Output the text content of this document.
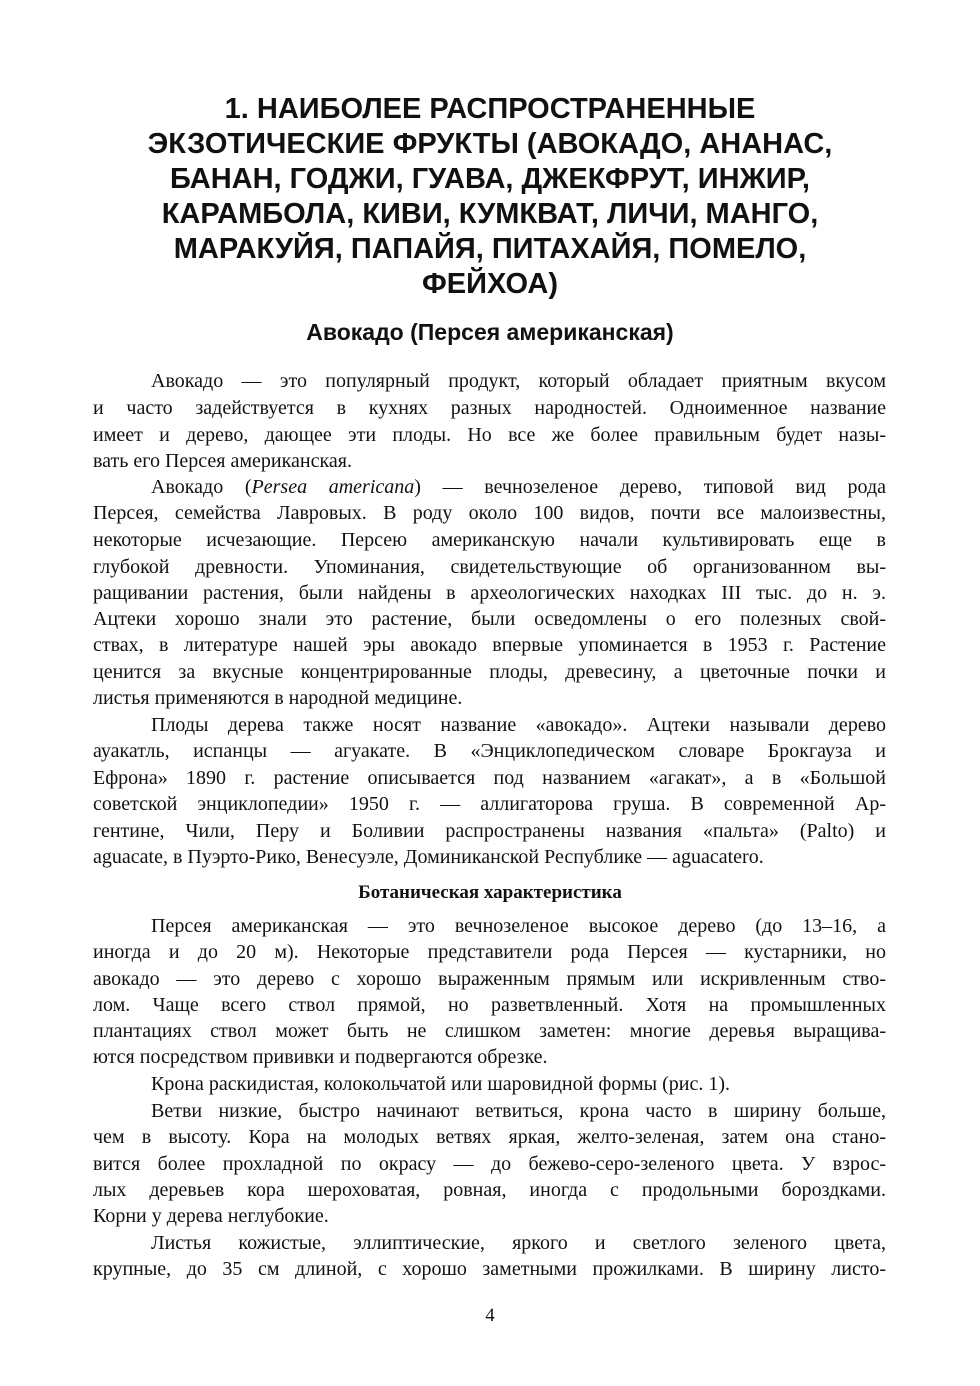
1. НАИБОЛЕЕ РАСПРОСТРАНЕННЫЕ
ЭКЗОТИЧЕСКИЕ ФРУКТЫ (АВОКАДО, АНАНАС,
БАНАН, ГОДЖИ, ГУАВА, ДЖЕКФРУТ, ИНЖИР,
КАРАМБОЛА, КИВИ, КУМКВАТ, ЛИЧИ, МАНГО,
МАРАКУЙЯ, ПАПАЙЯ, ПИТАХАЙЯ, ПОМЕЛО,
ФЕЙХОА)
Авокадо (Персея американская)
Авокадо — это популярный продукт, который обладает приятным вкусом
и часто задействуется в кухнях разных народностей. Одноименное название
имеет и дерево, дающее эти плоды. Но все же более правильным будет назы-
вать его Персея американская.
Авокадо (Persea americana) — вечнозеленое дерево, типовой вид рода
Персея, семейства Лавровых. В роду около 100 видов, почти все малоизвестны,
некоторые исчезающие. Персею американскую начали культивировать еще в
глубокой древности. Упоминания, свидетельствующие об организованном вы-
ращивании растения, были найдены в археологических находках III тыс. до н. э.
Ацтеки хорошо знали это растение, были осведомлены о его полезных свой-
ствах, в литературе нашей эры авокадо впервые упоминается в 1953 г. Растение
ценится за вкусные концентрированные плоды, древесину, а цветочные почки и
листья применяются в народной медицине.
Плоды дерева также носят название «авокадо». Ацтеки называли дерево
ауакатль, испанцы — агуакате. В «Энциклопедическом словаре Брокгауза и
Ефрона» 1890 г. растение описывается под названием «агакат», а в «Большой
советской энциклопедии» 1950 г. — аллигаторова груша. В современной Ар-
гентине, Чили, Перу и Боливии распространены названия «пальта» (Palto) и
aguacate, в Пуэрто-Рико, Венесуэле, Доминиканской Республике — aguacatero.
Ботаническая характеристика
Персея американская — это вечнозеленое высокое дерево (до 13–16, а
иногда и до 20 м). Некоторые представители рода Персея — кустарники, но
авокадо — это дерево с хорошо выраженным прямым или искривленным ство-
лом. Чаще всего ствол прямой, но разветвленный. Хотя на промышленных
плантациях ствол может быть не слишком заметен: многие деревья выращива-
ются посредством прививки и подвергаются обрезке.
Крона раскидистая, колокольчатой или шаровидной формы (рис. 1).
Ветви низкие, быстро начинают ветвиться, крона часто в ширину больше,
чем в высоту. Кора на молодых ветвях яркая, желто-зеленая, затем она стано-
вится более прохладной по окрасу — до бежево-серо-зеленого цвета. У взрос-
лых деревьев кора шероховатая, ровная, иногда с продольными бороздками.
Корни у дерева неглубокие.
Листья кожистые, эллиптические, яркого и светлого зеленого цвета,
крупные, до 35 см длиной, с хорошо заметными прожилками. В ширину листо-
4
